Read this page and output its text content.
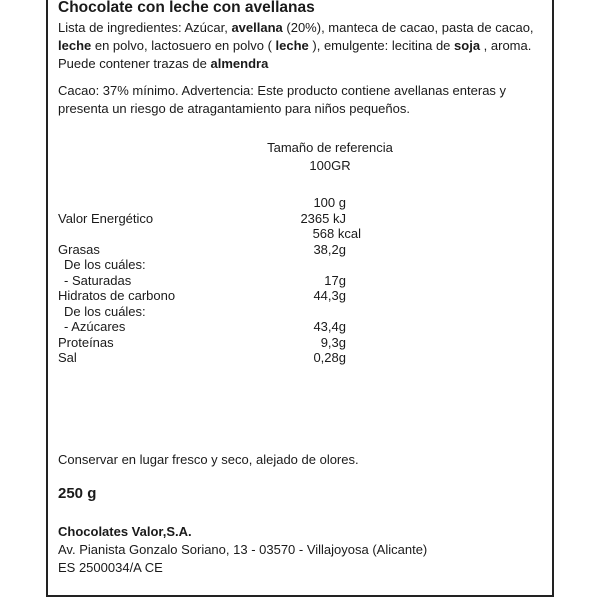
Chocolate con leche con avellanas
Lista de ingredientes: Azúcar, avellana (20%), manteca de cacao, pasta de cacao, leche en polvo, lactosuero en polvo ( leche ), emulgente: lecitina de soja , aroma. Puede contener trazas de almendra
Cacao: 37% mínimo. Advertencia: Este producto contiene avellanas enteras y presenta un riesgo de atragantamiento para niños pequeños.
Tamaño de referencia
100GR
100 g
Valor Energético	2365 kJ
568 kcal
Grasas	38,2g
De los cuáles:
- Saturadas	17g
Hidratos de carbono	44,3g
De los cuáles:
- Azúcares	43,4g
Proteínas	9,3g
Sal	0,28g
Conservar en lugar fresco y seco, alejado de olores.
250 g
Chocolates Valor,S.A.
Av. Pianista Gonzalo Soriano, 13 - 03570 - Villajoyosa (Alicante)
ES 2500034/A CE
